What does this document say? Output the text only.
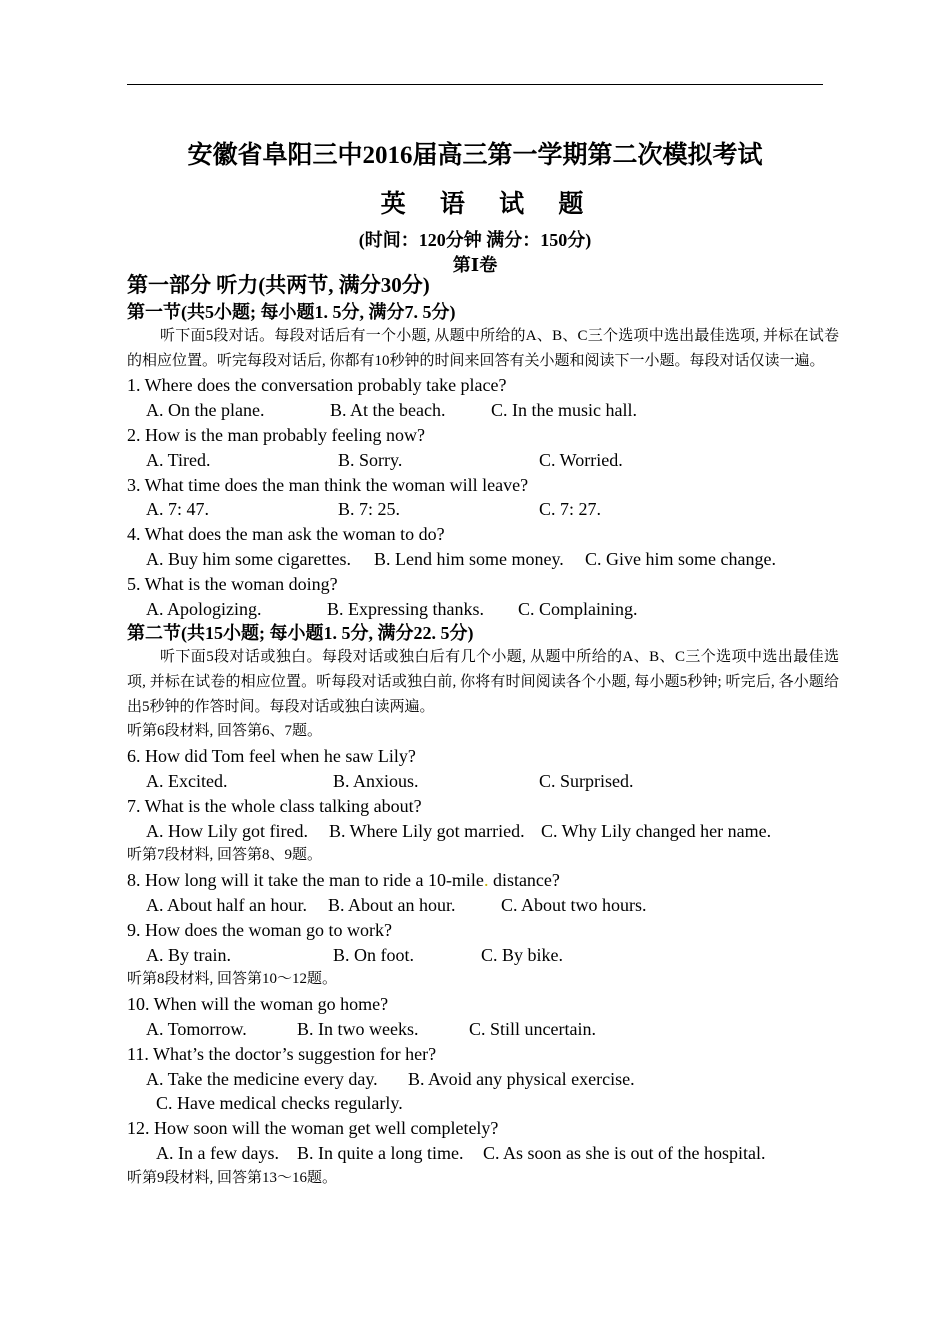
安徽省阜阳三中2016届高三第一学期第二次模拟考试
英 语 试 题
(时间：120分钟 满分：150分)
第Ⅰ卷

第一部分 听力(共两节, 满分30分)

第一节(共5小题; 每小题1. 5分, 满分7. 5分)

听下面5段对话。每段对话后有一个小题, 从题中所给的A、B、C三个选项中选出最佳选项, 并标在试卷的相应位置。听完每段对话后, 你都有10秒钟的时间来回答有关小题和阅读下一小题。每段对话仅读一遍。

1. Where does the conversation probably take place?

A. On the plane.	B. At the beach.	C. In the music hall.

2. How is the man probably feeling now?

A. Tired.	B. Sorry.	C. Worried.

3. What time does the man think the woman will leave?

A. 7: 47.	B. 7: 25.	C. 7: 27.

4. What does the man ask the woman to do?

A. Buy him some cigarettes. B. Lend him some money. C. Give him some change.

5. What is the woman doing?

A. Apologizing.	B. Expressing thanks. C. Complaining.

第二节(共15小题; 每小题1. 5分, 满分22. 5分)

听下面5段对话或独白。每段对话或独白后有几个小题, 从题中所给的A、B、C三个选项中选出最佳选项, 并标在试卷的相应位置。听每段对话或独白前, 你将有时间阅读各个小题, 每小题5秒钟; 听完后, 各小题给出5秒钟的作答时间。每段对话或独白读两遍。

听第6段材料, 回答第6、7题。

6. How did Tom feel when he saw Lily?

A. Excited.	B. Anxious.	C. Surprised.

7. What is the whole class talking about?

A. How Lily got fired. B. Where Lily got married. C. Why Lily changed her name.

听第7段材料, 回答第8、9题。

8. How long will it take the man to ride a 10-mile. distance?

A. About half an hour. B. About an hour.	C. About two hours.

9. How does the woman go to work?

A. By train.	B. On foot.	C. By bike.

听第8段材料, 回答第10～12题。

10. When will the woman go home?

A. Tomorrow.	B. In two weeks.	C. Still uncertain.

11. What’s the doctor’s suggestion for her?

A. Take the medicine every day. B. Avoid any physical exercise.

C. Have medical checks regularly.

12. How soon will the woman get well completely?

A. In a few days. B. In quite a long time. C. As soon as she is out of the hospital.

听第9段材料, 回答第13～16题。
